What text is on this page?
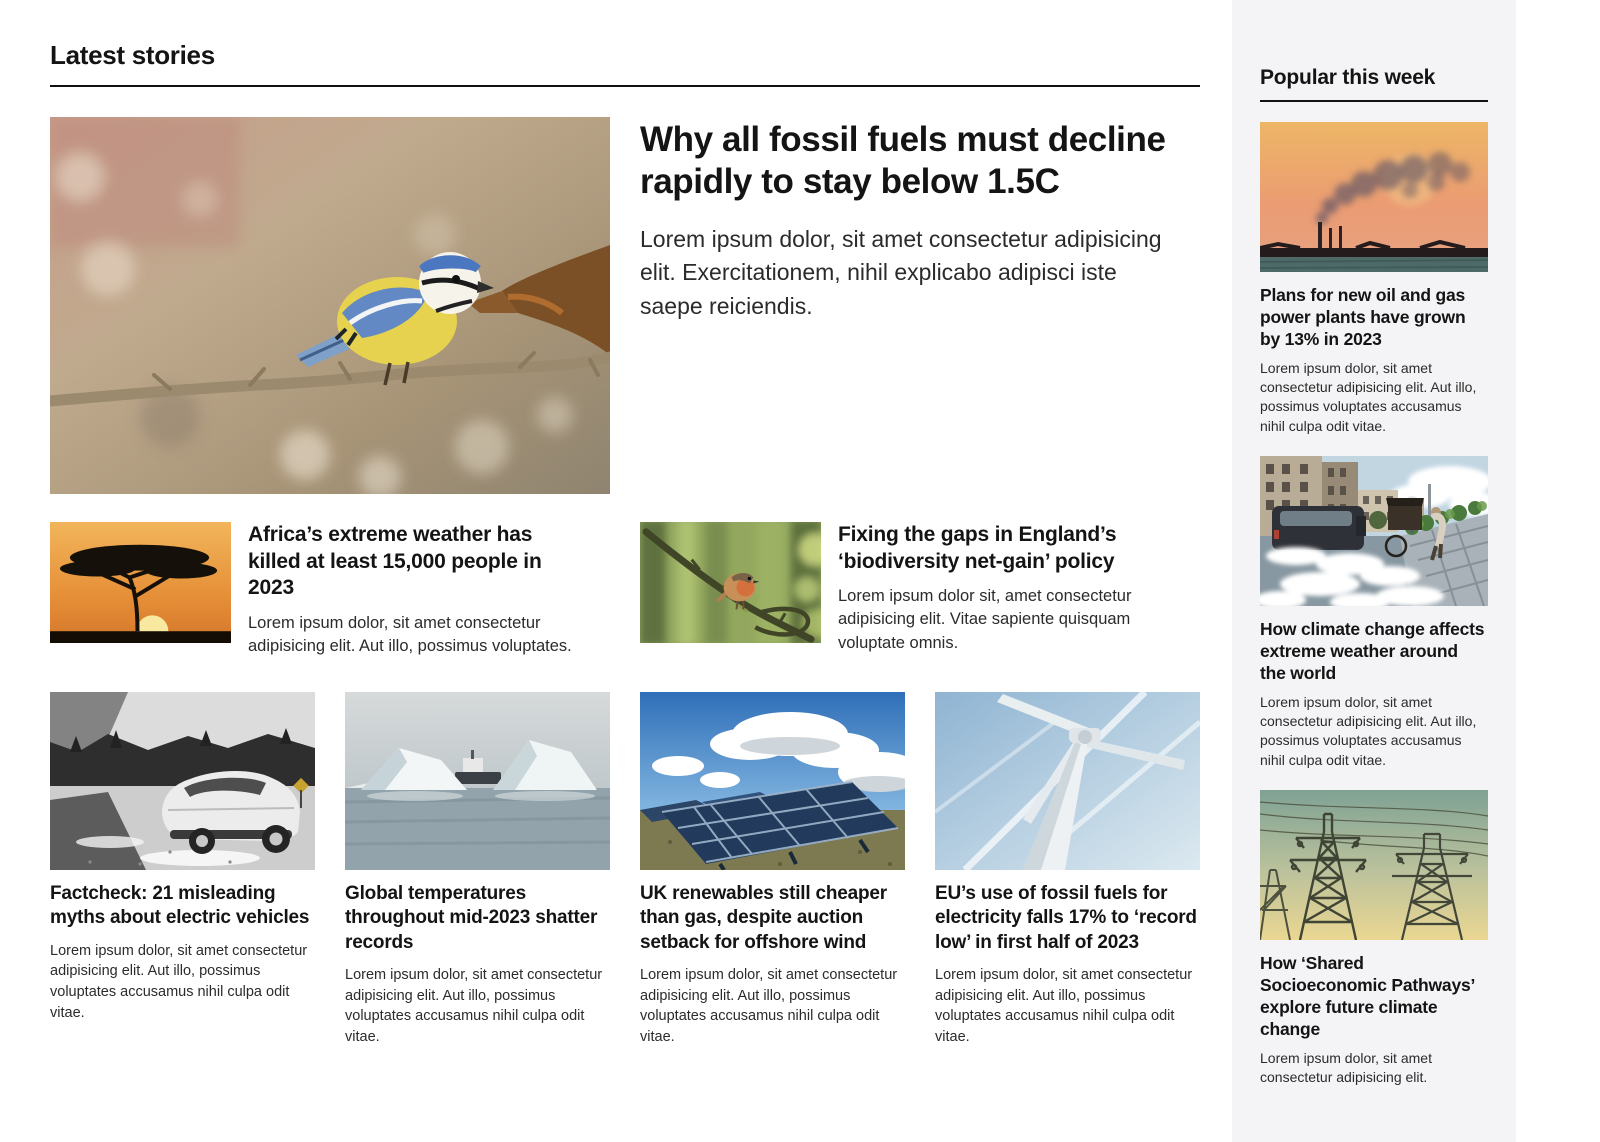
Latest stories
Why all fossil fuels must decline rapidly to stay below 1.5C

Lorem ipsum dolor, sit amet consectetur adipisicing elit. Exercitationem, nihil explicabo adipisci iste saepe reiciendis.

Africa’s extreme weather has killed at least 15,000 people in 2023

Lorem ipsum dolor, sit amet consectetur adipisicing elit. Aut illo, possimus voluptates.

Fixing the gaps in England’s ‘biodiversity net-gain’ policy

Lorem ipsum dolor sit, amet consectetur adipisicing elit. Vitae sapiente quisquam voluptate omnis.

Factcheck: 21 misleading myths about electric vehicles

Lorem ipsum dolor, sit amet consectetur adipisicing elit. Aut illo, possimus voluptates accusamus nihil culpa odit vitae.

Global temperatures throughout mid-2023 shatter records

Lorem ipsum dolor, sit amet consectetur adipisicing elit. Aut illo, possimus voluptates accusamus nihil culpa odit vitae.

UK renewables still cheaper than gas, despite auction setback for offshore wind

Lorem ipsum dolor, sit amet consectetur adipisicing elit. Aut illo, possimus voluptates accusamus nihil culpa odit vitae.

EU’s use of fossil fuels for electricity falls 17% to ‘record low’ in first half of 2023

Lorem ipsum dolor, sit amet consectetur adipisicing elit. Aut illo, possimus voluptates accusamus nihil culpa odit vitae.

Popular this week
Plans for new oil and gas power plants have grown by 13% in 2023

Lorem ipsum dolor, sit amet consectetur adipisicing elit. Aut illo, possimus voluptates accusamus nihil culpa odit vitae.

How climate change affects extreme weather around the world

Lorem ipsum dolor, sit amet consectetur adipisicing elit. Aut illo, possimus voluptates accusamus nihil culpa odit vitae.

How ‘Shared Socioeconomic Pathways’ explore future climate change

Lorem ipsum dolor, sit amet consectetur adipisicing elit.
